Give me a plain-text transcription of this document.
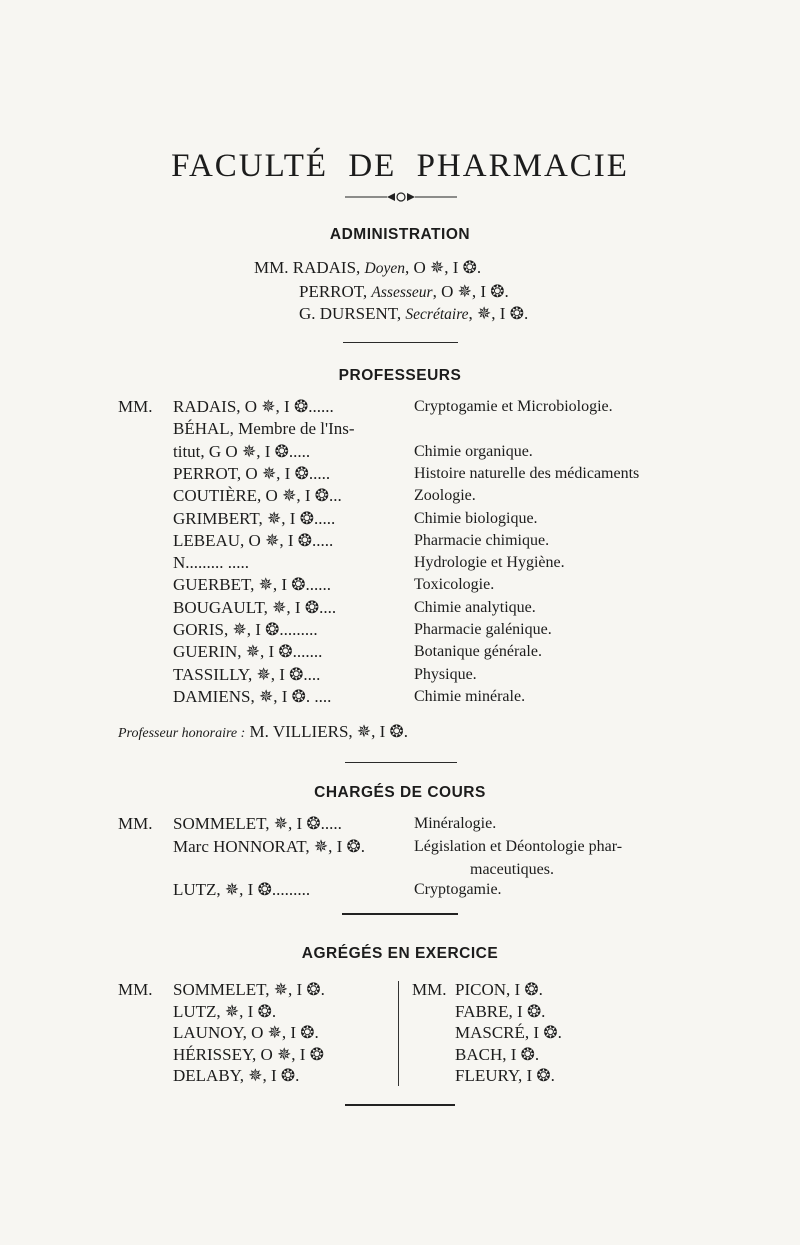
FACULTÉ DE PHARMACIE
ADMINISTRATION
MM. RADAIS, Doyen, O ✵, I ❂.
PERROT, Assesseur, O ✵, I ❂.
G. DURSENT, Secrétaire, ✵, I ❂.
PROFESSEURS
MM. RADAIS, O ✵, I ❂......	Cryptogamie et Microbiologie.
BÉHAL, Membre de l'Ins-
titut, G O ✵, I ❂.....	Chimie organique.
PERROT, O ✵, I ❂.....	Histoire naturelle des médicaments
COUTIÈRE, O ✵, I ❂...	Zoologie.
GRIMBERT, ✵, I ❂.....	Chimie biologique.
LEBEAU, O ✵, I ❂.....	Pharmacie chimique.
N......... .....	Hydrologie et Hygiène.
GUERBET, ✵, I ❂......	Toxicologie.
BOUGAULT, ✵, I ❂....	Chimie analytique.
GORIS, ✵, I ❂.........	Pharmacie galénique.
GUERIN, ✵, I ❂.......	Botanique générale.
TASSILLY, ✵, I ❂....	Physique.
DAMIENS, ✵, I ❂. ....	Chimie minérale.
Professeur honoraire : M. VILLIERS, ✵, I ❂.
CHARGÉS DE COURS
MM. SOMMELET, ✵, I ❂.....	Minéralogie.
Marc HONNORAT, ✵, I ❂.	Législation et Déontologie phar-
maceutiques.
LUTZ, ✵, I ❂.........	Cryptogamie.
AGRÉGÉS EN EXERCICE
MM. SOMMELET, ✵, I ❂.
LUTZ, ✵, I ❂.
LAUNOY, O ✵, I ❂.
HÉRISSEY, O ✵, I ❂
DELABY, ✵, I ❂.
MM. PICON, I ❂.
FABRE, I ❂.
MASCRÉ, I ❂.
BACH, I ❂.
FLEURY, I ❂.
